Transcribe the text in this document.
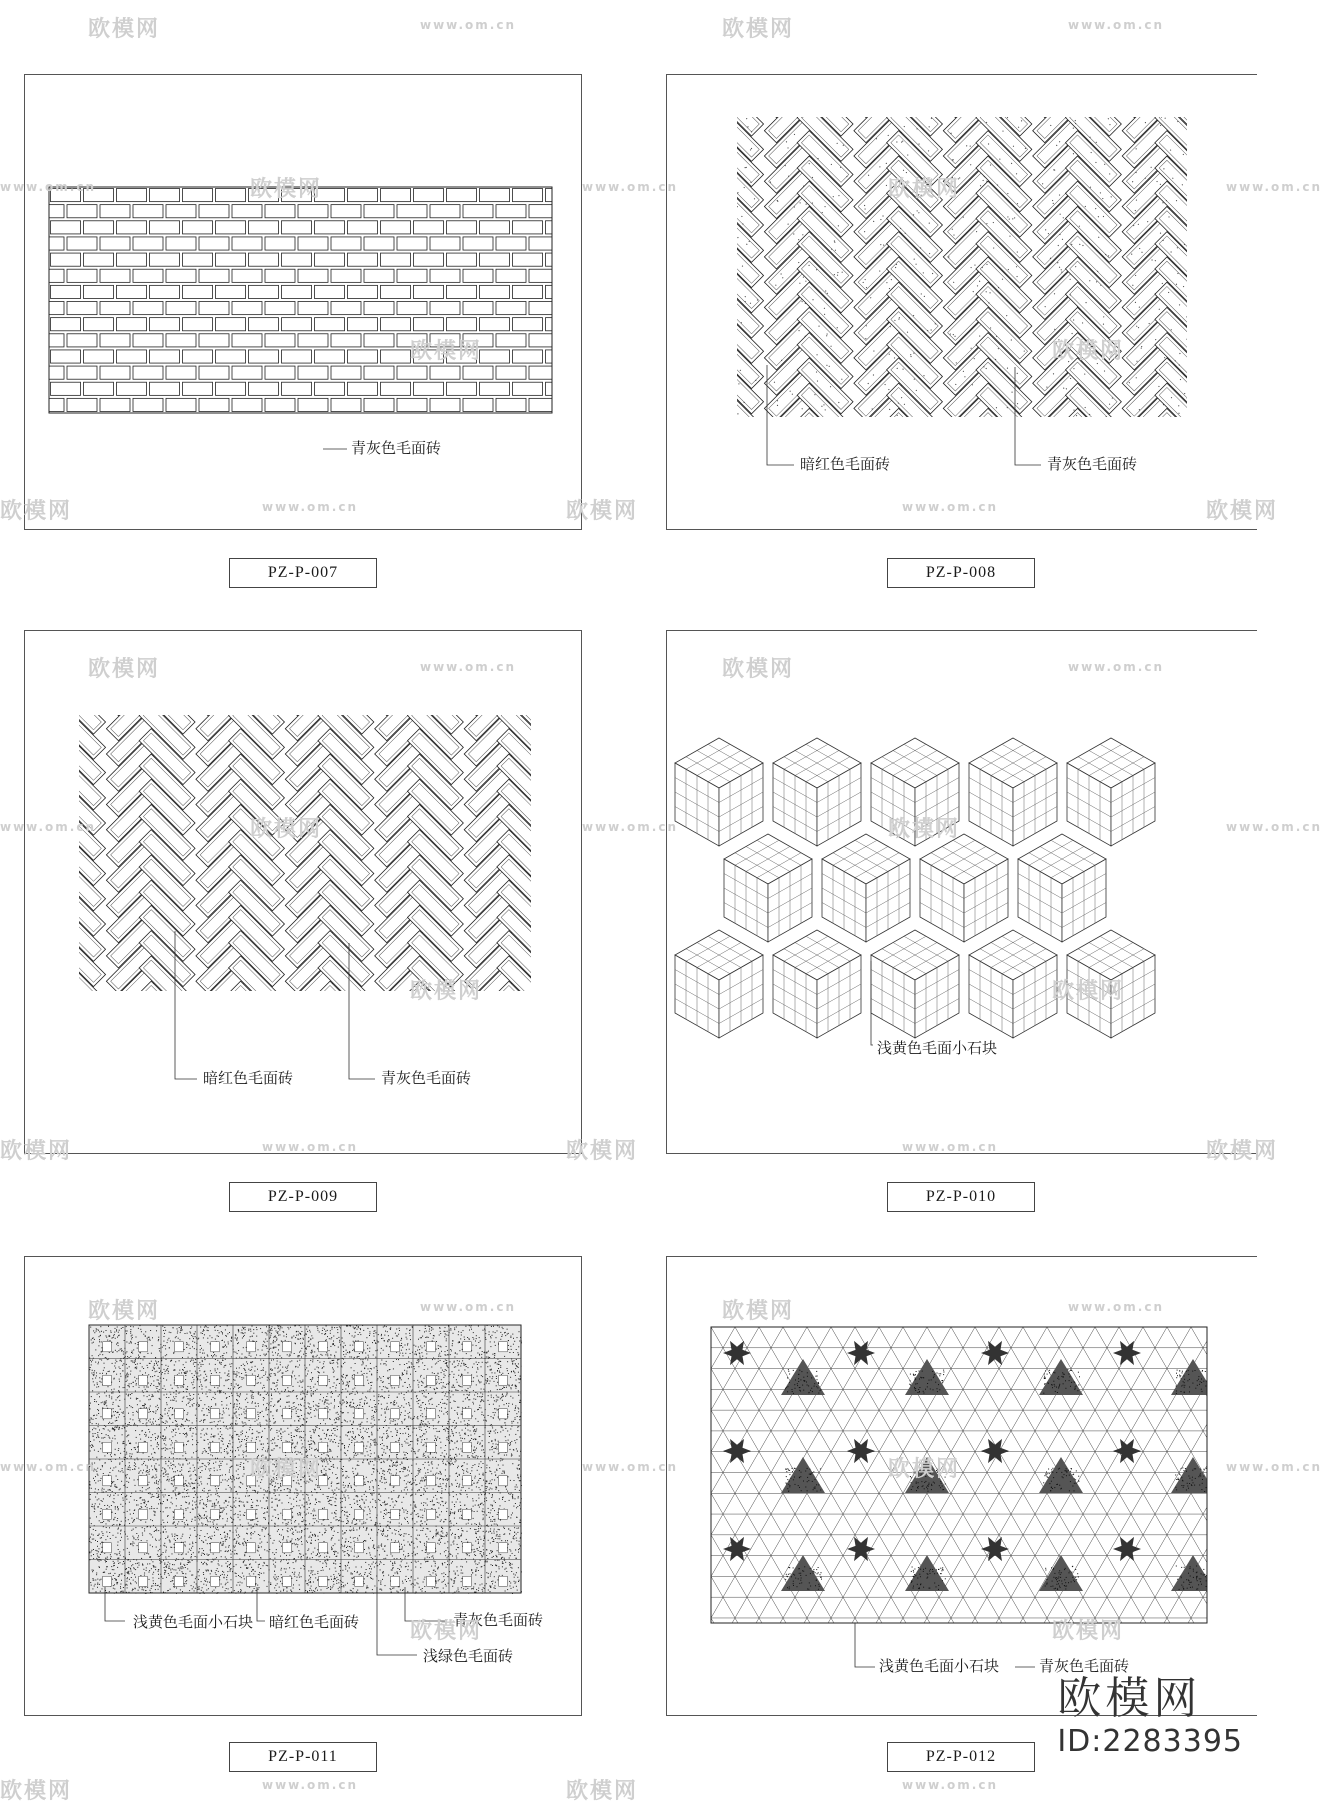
青灰色毛面砖
PZ-P-007
暗红色毛面砖	青灰色毛面砖
PZ-P-008
暗红色毛面砖	青灰色毛面砖
PZ-P-009
浅黄色毛面小石块
PZ-P-010
浅黄色毛面小石块 暗红色毛面砖	青灰色毛面砖
浅绿色毛面砖
PZ-P-011
浅黄色毛面小石块	青灰色毛面砖
PZ-P-012
欧模网	www.om.cn	欧模网	www.om.cn
www.om.cn	欧模网	www.om.cn	欧模网	www.om.cn
欧模网	欧模网
欧模网	www.om.cn	欧模网	www.om.cn	欧模网
欧模网	www.om.cn	欧模网	www.om.cn
www.om.cn	欧模网	www.om.cn	欧模网	www.om.cn
欧模网	欧模网
欧模网	www.om.cn	欧模网	www.om.cn	欧模网
欧模网	www.om.cn	欧模网	www.om.cn
www.om.cn	欧模网	www.om.cn	欧模网	www.om.cn
欧模网	欧模网
欧模网	www.om.cn	欧模网	www.om.cn
欧模网
ID:2283395
